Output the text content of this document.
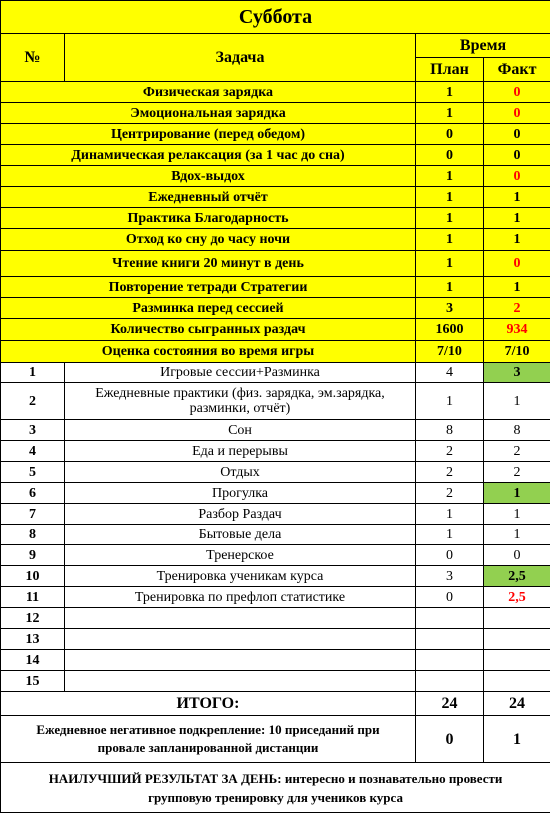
Суббота			
№	Задача	Время	
		План	Факт
Физическая зарядка		1	0
Эмоциональная зарядка		1	0
Центрирование (перед обедом)		0	0
Динамическая релаксация (за 1 час до сна)		0	0
Вдох-выдох		1	0
Ежедневный отчёт		1	1
Практика Благодарность		1	1
Отход ко сну до часу ночи		1	1
Чтение книги 20 минут в день		1	0
Повторение тетради Стратегии		1	1
Разминка перед сессией		3	2
Количество сыгранных раздач		1600	934
Оценка состояния во время игры		7/10	7/10
1	Игровые сессии+Разминка	4	3
2	Ежедневные практики (физ. зарядка, эм.зарядка, разминки, отчёт)	1	1
3	Сон	8	8
4	Еда и перерывы	2	2
5	Отдых	2	2
6	Прогулка	2	1
7	Разбор Раздач	1	1
8	Бытовые дела	1	1
9	Тренерское	0	0
10	Тренировка ученикам курса	3	2,5
11	Тренировка по префлоп статистике	0	2,5
12			
13			
14			
15			
ИТОГО:		24	24
Ежедневное негативное подкрепление: 10 приседаний при провале запланированной дистанции		0	1
НАИЛУЧШИЙ РЕЗУЛЬТАТ ЗА ДЕНЬ: интересно и познавательно провести групповую тренировку для учеников курса			
